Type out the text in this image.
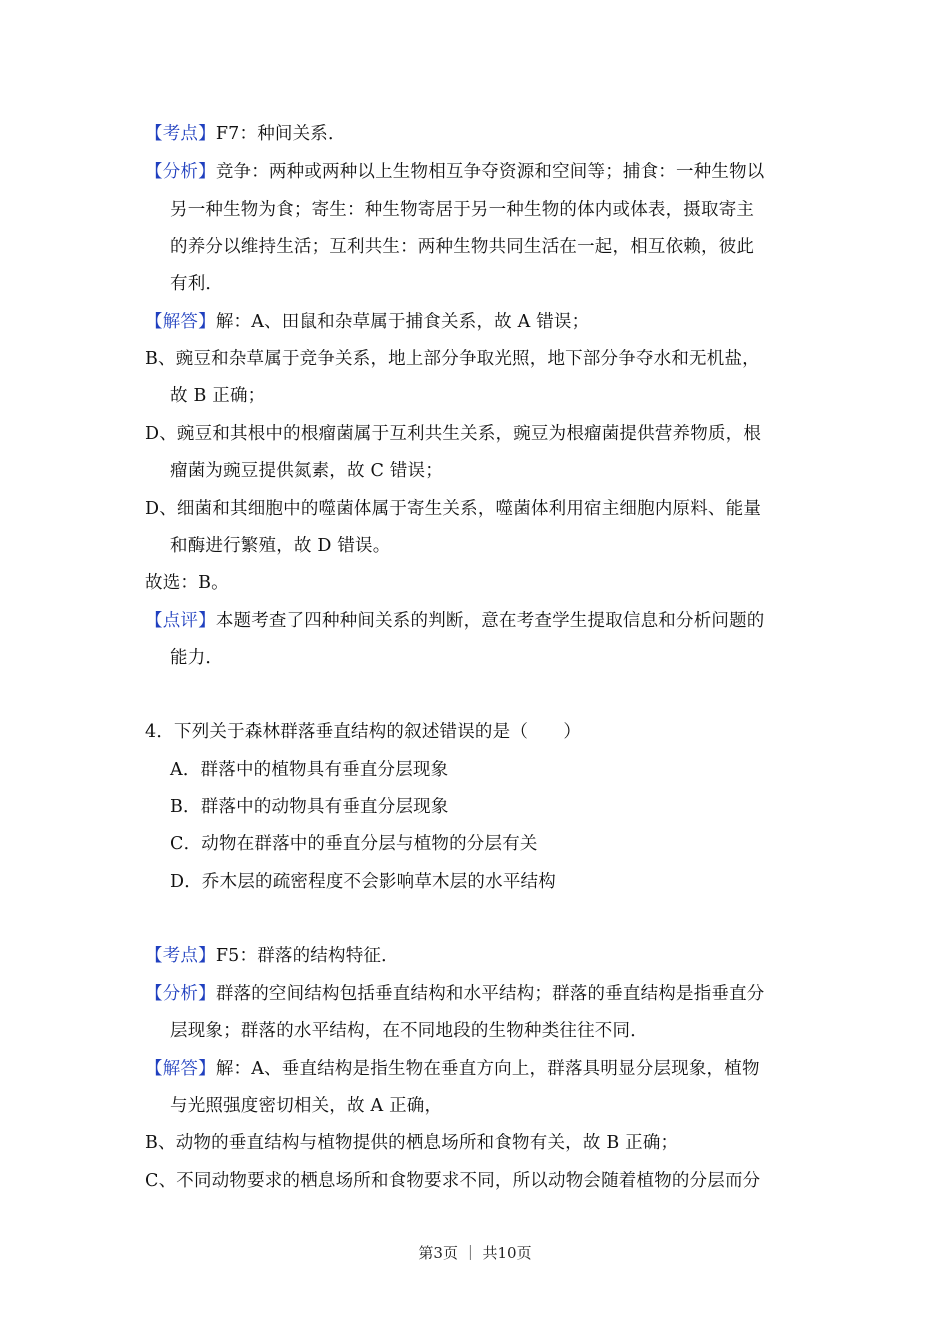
【考点】F7：种间关系．
【分析】竞争：两种或两种以上生物相互争夺资源和空间等；捕食：一种生物以
另一种生物为食；寄生：种生物寄居于另一种生物的体内或体表，摄取寄主
的养分以维持生活；互利共生：两种生物共同生活在一起，相互依赖，彼此
有利．
【解答】解：A、田鼠和杂草属于捕食关系，故 A 错误；
B、豌豆和杂草属于竞争关系，地上部分争取光照，地下部分争夺水和无机盐，
故 B 正确；
D、豌豆和其根中的根瘤菌属于互利共生关系，豌豆为根瘤菌提供营养物质，根
瘤菌为豌豆提供氮素，故 C 错误；
D、细菌和其细胞中的噬菌体属于寄生关系，噬菌体利用宿主细胞内原料、能量
和酶进行繁殖，故 D 错误。
故选：B。
【点评】本题考查了四种种间关系的判断，意在考查学生提取信息和分析问题的
能力．
4．下列关于森林群落垂直结构的叙述错误的是（　　）
A．群落中的植物具有垂直分层现象
B．群落中的动物具有垂直分层现象
C．动物在群落中的垂直分层与植物的分层有关
D．乔木层的疏密程度不会影响草木层的水平结构
【考点】F5：群落的结构特征．
【分析】群落的空间结构包括垂直结构和水平结构；群落的垂直结构是指垂直分
层现象；群落的水平结构，在不同地段的生物种类往往不同．
【解答】解：A、垂直结构是指生物在垂直方向上，群落具明显分层现象，植物
与光照强度密切相关，故 A 正确，
B、动物的垂直结构与植物提供的栖息场所和食物有关，故 B 正确；
C、不同动物要求的栖息场所和食物要求不同，所以动物会随着植物的分层而分
第3页 ｜ 共10页
